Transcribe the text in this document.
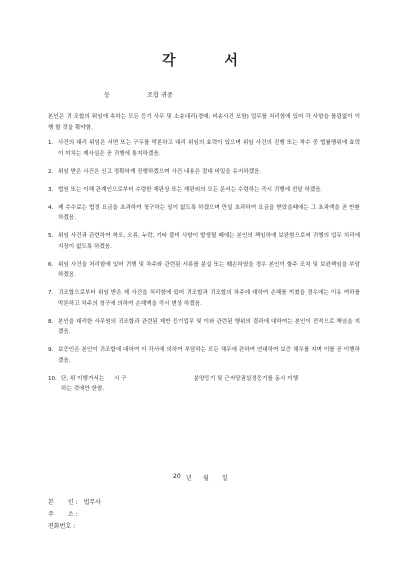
각 서
등	조합 귀중
본인은 귀 조합의 위임에 속하는 모든 등기 사무 및 소송대리(경매, 비송사건 포함) 업무를 처리함에 있어 각 사항을 틀림없이 이행 할 것을 확약함.
1. 사건의 대리 위임은 서면 또는 구두를 막론하고 대리 위임의 효력이 있으며 위임 사건의 진행 또는 착수 중 법률행위에 효력이 미치는 제사실은 곧 귀행에 통지하겠음.
2. 위임 받은 사건은 신고 정확하게 진행하겠으며 사건 내용은 절대 비밀을 유지하겠음.
3. 법원 또는 이해 관계인으로부터 수령한 재판상 또는 재판외의 모든 문서는 수령하는 즉시 귀행에 전달 하겠음.
4. 제 수수료는 법정 요금을 초과하여 청구하는 일이 없도록 하겠으며 만일 초과하여 요금을 받았을때에는 그 초과액을 곧 반환하겠음.
5. 위임 사건과 관련하여 착오, 오류, 누락, 기타 불미 사항이 발생될 때에는 본인의 책임하에 보완함으로써 귀행의 업무 처리에 지장이 없도록 하겠음.
6. 위임 사건을 처리함에 있어 귀행 및 차주와 관련된 서류를 분실 또는 훼손하였을 경우 본인이 할주 조치 및 보완책임을 부담하겠음.
7. 귀조합으로부터 위임 받은 제 사건을 처리함에 있어 귀조합과 귀조합의 차주에 대하여 손해를 끼쳤을 경우에는 이유 여하를 막론하고 차주의 청구에 의하여 손해액을 즉시 변상 하겠음.
8. 본인을 대리한 사무원의 귀조합과 관련된 제반 등기업무 및 이와 관련된 행위의 결과에 대하여는 본인이 전적으로 책임을 지겠음.
9. 보증인은 본인이 귀조합에 대하여 이 각서에 의하여 부담하는 모든 채무에 관하여 연대하여 보증 채무를 지며 이를 곧 이행하겠음.
10. 단, 위 이행거서는 시 구	분양등기 및 근저당권설정등기를 동시 이행
하는 것에만 한함.
20 년 월 일
본 인 : 법무사
주 소 :
전화번호 :
